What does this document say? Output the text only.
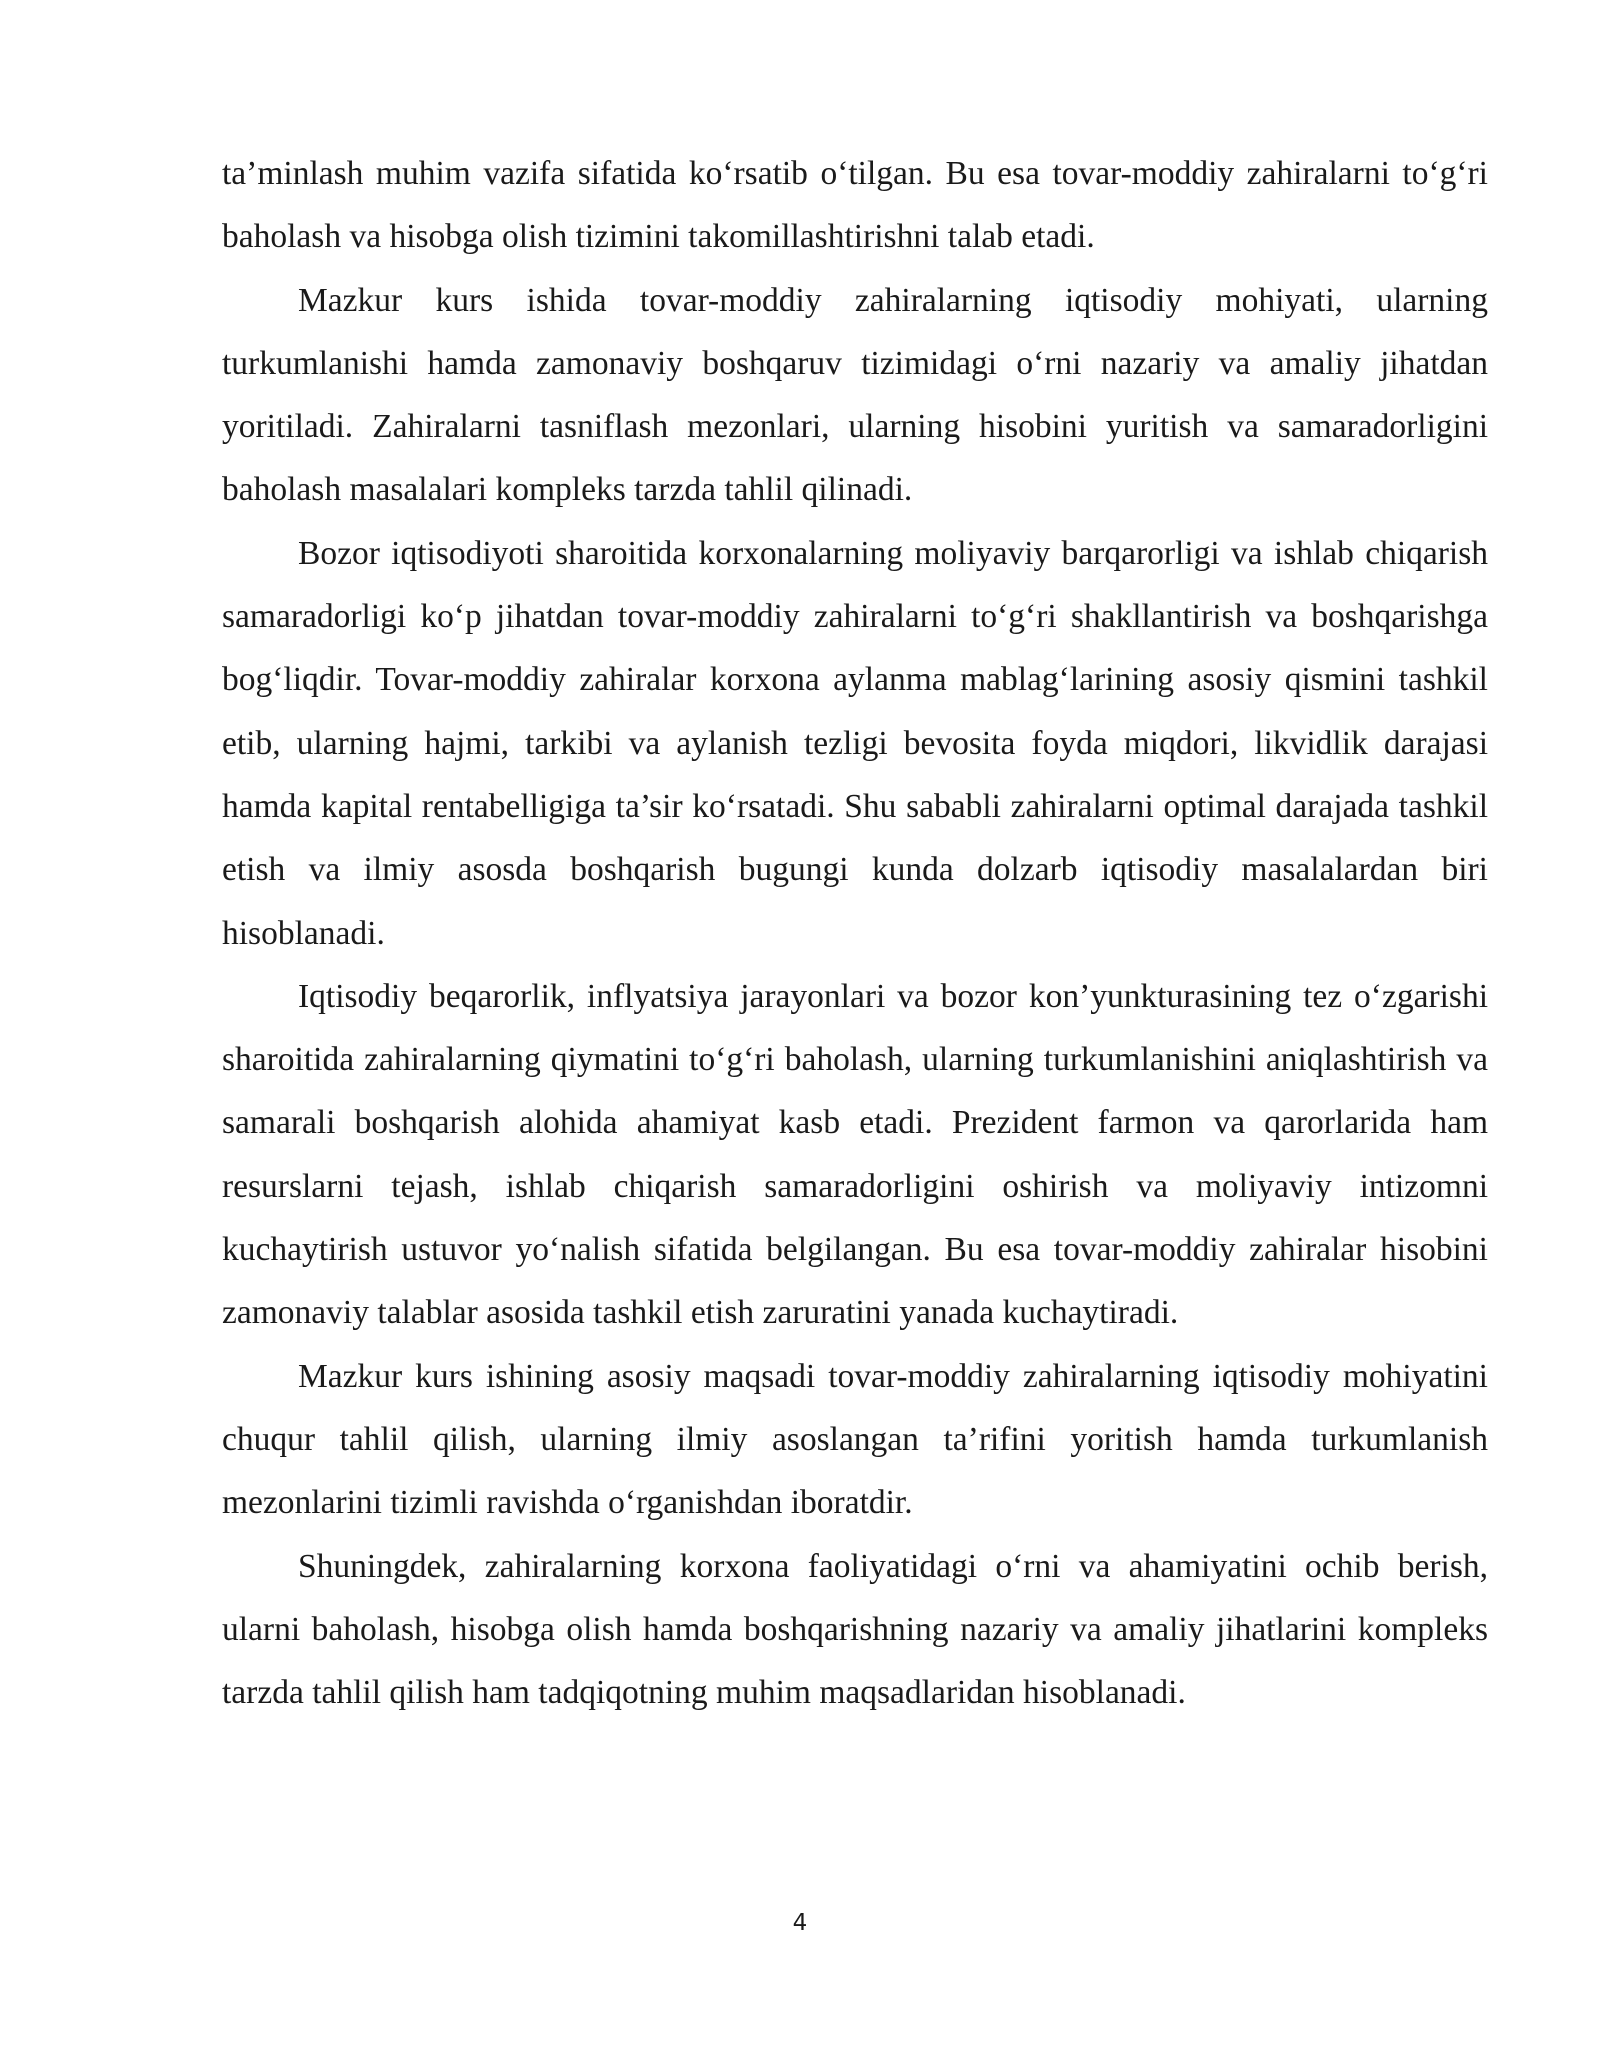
ta’minlash muhim vazifa sifatida ko‘rsatib o‘tilgan. Bu esa tovar-moddiy zahiralarni to‘g‘ri baholash va hisobga olish tizimini takomillashtirishni talab etadi.

Mazkur kurs ishida tovar-moddiy zahiralarning iqtisodiy mohiyati, ularning turkumlanishi hamda zamonaviy boshqaruv tizimidagi o‘rni nazariy va amaliy jihatdan yoritiladi. Zahiralarni tasniflash mezonlari, ularning hisobini yuritish va samaradorligini baholash masalalari kompleks tarzda tahlil qilinadi.

Bozor iqtisodiyoti sharoitida korxonalarning moliyaviy barqarorligi va ishlab chiqarish samaradorligi ko‘p jihatdan tovar-moddiy zahiralarni to‘g‘ri shakllantirish va boshqarishga bog‘liqdir. Tovar-moddiy zahiralar korxona aylanma mablag‘larining asosiy qismini tashkil etib, ularning hajmi, tarkibi va aylanish tezligi bevosita foyda miqdori, likvidlik darajasi hamda kapital rentabelligiga ta’sir ko‘rsatadi. Shu sababli zahiralarni optimal darajada tashkil etish va ilmiy asosda boshqarish bugungi kunda dolzarb iqtisodiy masalalardan biri hisoblanadi.

Iqtisodiy beqarorlik, inflyatsiya jarayonlari va bozor kon’yunkturasining tez o‘zgarishi sharoitida zahiralarning qiymatini to‘g‘ri baholash, ularning turkumlanishini aniqlashtirish va samarali boshqarish alohida ahamiyat kasb etadi. Prezident farmon va qarorlarida ham resurslarni tejash, ishlab chiqarish samaradorligini oshirish va moliyaviy intizomni kuchaytirish ustuvor yo‘nalish sifatida belgilangan. Bu esa tovar-moddiy zahiralar hisobini zamonaviy talablar asosida tashkil etish zaruratini yanada kuchaytiradi.

Mazkur kurs ishining asosiy maqsadi tovar-moddiy zahiralarning iqtisodiy mohiyatini chuqur tahlil qilish, ularning ilmiy asoslangan ta’rifini yoritish hamda turkumlanish mezonlarini tizimli ravishda o‘rganishdan iboratdir.

Shuningdek, zahiralarning korxona faoliyatidagi o‘rni va ahamiyatini ochib berish, ularni baholash, hisobga olish hamda boshqarishning nazariy va amaliy jihatlarini kompleks tarzda tahlil qilish ham tadqiqotning muhim maqsadlaridan hisoblanadi.

4
